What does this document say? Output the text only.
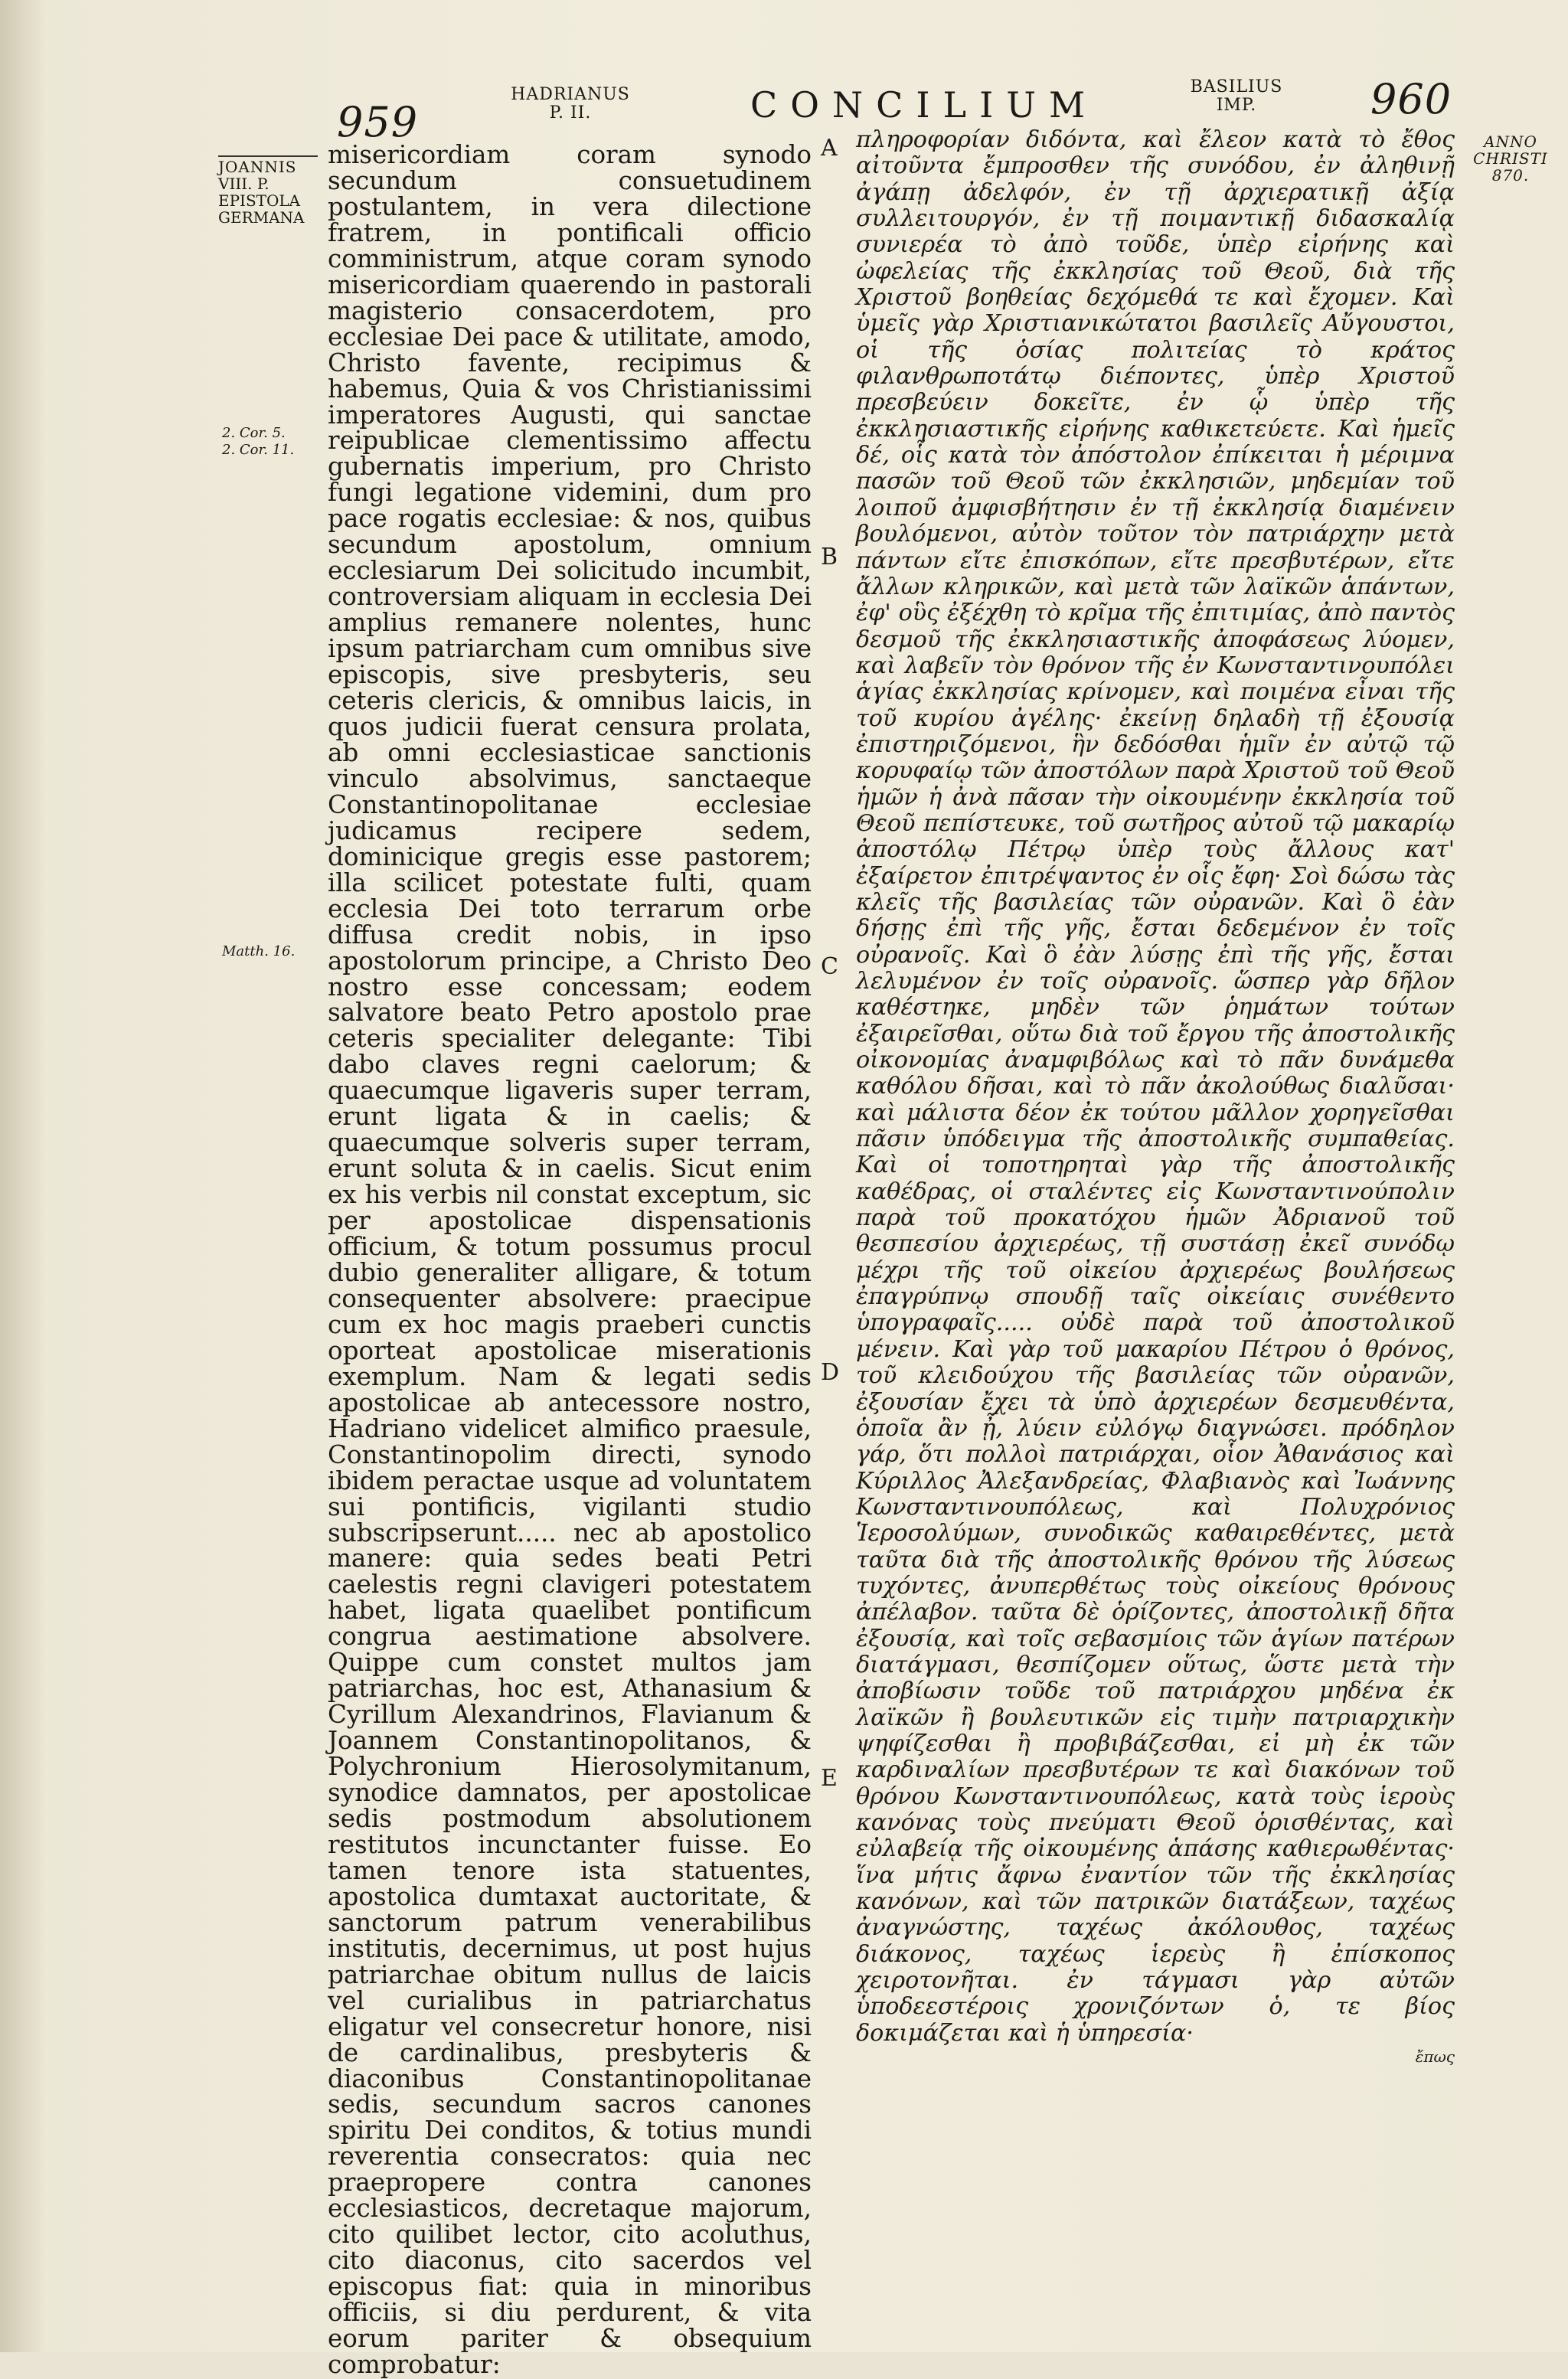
959
HADRIANUS
P. II.	CONCILIUM	BASILIUS
IMP.	960
JOANNIS
VIII. P.
EPISTOLA
GERMANA
ANNO
CHRISTI
870.
2. Cor. 5.
2. Cor. 11.
Matth. 16.
A
B
C
D
E

misericordiam coram synodo secundum consuetudinem postulantem, in vera dilectione fratrem, in pontificali officio comministrum, atque coram synodo misericordiam quaerendo in pastorali magisterio consacerdotem, pro ecclesiae Dei pace & utilitate, amodo, Christo favente, recipimus & habemus, Quia & vos Christianissimi imperatores Augusti, qui sanctae reipublicae clementissimo affectu gubernatis imperium, pro Christo fungi legatione videmini, dum pro pace rogatis ecclesiae: & nos, quibus secundum apostolum, omnium ecclesiarum Dei solicitudo incumbit, controversiam aliquam in ecclesia Dei amplius remanere nolentes, hunc ipsum patriarcham cum omnibus sive episcopis, sive presbyteris, seu ceteris clericis, & omnibus laicis, in quos judicii fuerat censura prolata, ab omni ecclesiasticae sanctionis vinculo absolvimus, sanctaeque Constantinopolitanae ecclesiae judicamus recipere sedem, dominicique gregis esse pastorem; illa scilicet potestate fulti, quam ecclesia Dei toto terrarum orbe diffusa credit nobis, in ipso apostolorum principe, a Christo Deo nostro esse concessam; eodem salvatore beato Petro apostolo prae ceteris specialiter delegante: Tibi dabo claves regni caelorum; & quaecumque ligaveris super terram, erunt ligata & in caelis; & quaecumque solveris super terram, erunt soluta & in caelis. Sicut enim ex his verbis nil constat exceptum, sic per apostolicae dispensationis officium, & totum possumus procul dubio generaliter alligare, & totum consequenter absolvere: praecipue cum ex hoc magis praeberi cunctis oporteat apostolicae miserationis exemplum. Nam & legati sedis apostolicae ab antecessore nostro, Hadriano videlicet almifico praesule, Constantinopolim directi, synodo ibidem peractae usque ad voluntatem sui pontificis, vigilanti studio subscripserunt..... nec ab apostolico manere: quia sedes beati Petri caelestis regni clavigeri potestatem habet, ligata quaelibet pontificum congrua aestimatione absolvere. Quippe cum constet multos jam patriarchas, hoc est, Athanasium & Cyrillum Alexandrinos, Flavianum & Joannem Constantinopolitanos, & Polychronium Hierosolymitanum, synodice damnatos, per apostolicae sedis postmodum absolutionem restitutos incunctanter fuisse. Eo tamen tenore ista statuentes, apostolica dumtaxat auctoritate, & sanctorum patrum venerabilibus institutis, decernimus, ut post hujus patriarchae obitum nullus de laicis vel curialibus in patriarchatus eligatur vel consecretur honore, nisi de cardinalibus, presbyteris & diaconibus Constantinopolitanae sedis, secundum sacros canones spiritu Dei conditos, & totius mundi reverentia consecratos: quia nec praepropere contra canones ecclesiasticos, decretaque majorum, cito quilibet lector, cito acoluthus, cito diaconus, cito sacerdos vel episcopus fiat: quia in minoribus officiis, si diu perdurent, & vita eorum pariter & obsequium comprobatur:

πληροφορίαν διδόντα, καὶ ἔλεον κατὰ τὸ ἔθος αἰτοῦντα ἔμπροσθεν τῆς συνόδου, ἐν ἀληθινῇ ἀγάπῃ ἀδελφόν, ἐν τῇ ἀρχιερατικῇ ἀξίᾳ συλλειτουργόν, ἐν τῇ ποιμαντικῇ διδασκαλίᾳ συνιερέα τὸ ἀπὸ τοῦδε, ὑπὲρ εἰρήνης καὶ ὠφελείας τῆς ἐκκλησίας τοῦ Θεοῦ, διὰ τῆς Χριστοῦ βοηθείας δεχόμεθά τε καὶ ἔχομεν. Καὶ ὑμεῖς γὰρ Χριστιανικώτατοι βασιλεῖς Αὔγουστοι, οἱ τῆς ὁσίας πολιτείας τὸ κράτος φιλανθρωποτάτῳ διέποντες, ὑπὲρ Χριστοῦ πρεσβεύειν δοκεῖτε, ἐν ᾧ ὑπὲρ τῆς ἐκκλησιαστικῆς εἰρήνης καθικετεύετε. Καὶ ἡμεῖς δέ, οἷς κατὰ τὸν ἀπόστολον ἐπίκειται ἡ μέριμνα πασῶν τοῦ Θεοῦ τῶν ἐκκλησιῶν, μηδεμίαν τοῦ λοιποῦ ἀμφισβήτησιν ἐν τῇ ἐκκλησίᾳ διαμένειν βουλόμενοι, αὐτὸν τοῦτον τὸν πατριάρχην μετὰ πάντων εἴτε ἐπισκόπων, εἴτε πρεσβυτέρων, εἴτε ἄλλων κληρικῶν, καὶ μετὰ τῶν λαϊκῶν ἁπάντων, ἐφ' οὓς ἐξέχθη τὸ κρῖμα τῆς ἐπιτιμίας, ἀπὸ παντὸς δεσμοῦ τῆς ἐκκλησιαστικῆς ἀποφάσεως λύομεν, καὶ λαβεῖν τὸν θρόνον τῆς ἐν Κωνσταντινουπόλει ἁγίας ἐκκλησίας κρίνομεν, καὶ ποιμένα εἶναι τῆς τοῦ κυρίου ἀγέλης· ἐκείνῃ δηλαδὴ τῇ ἐξουσίᾳ ἐπιστηριζόμενοι, ἣν δεδόσθαι ἡμῖν ἐν αὐτῷ τῷ κορυφαίῳ τῶν ἀποστόλων παρὰ Χριστοῦ τοῦ Θεοῦ ἡμῶν ἡ ἀνὰ πᾶσαν τὴν οἰκουμένην ἐκκλησία τοῦ Θεοῦ πεπίστευκε, τοῦ σωτῆρος αὐτοῦ τῷ μακαρίῳ ἀποστόλῳ Πέτρῳ ὑπὲρ τοὺς ἄλλους κατ' ἐξαίρετον ἐπιτρέψαντος ἐν οἷς ἔφη· Σοὶ δώσω τὰς κλεῖς τῆς βασιλείας τῶν οὐρανῶν. Καὶ ὃ ἐὰν δήσῃς ἐπὶ τῆς γῆς, ἔσται δεδεμένον ἐν τοῖς οὐρανοῖς. Καὶ ὃ ἐὰν λύσῃς ἐπὶ τῆς γῆς, ἔσται λελυμένον ἐν τοῖς οὐρανοῖς. ὥσπερ γὰρ δῆλον καθέστηκε, μηδὲν τῶν ῥημάτων τούτων ἐξαιρεῖσθαι, οὕτω διὰ τοῦ ἔργου τῆς ἀποστολικῆς οἰκονομίας ἀναμφιβόλως καὶ τὸ πᾶν δυνάμεθα καθόλου δῆσαι, καὶ τὸ πᾶν ἀκολούθως διαλῦσαι· καὶ μάλιστα δέον ἐκ τούτου μᾶλλον χορηγεῖσθαι πᾶσιν ὑπόδειγμα τῆς ἀποστολικῆς συμπαθείας. Καὶ οἱ τοποτηρηταὶ γὰρ τῆς ἀποστολικῆς καθέδρας, οἱ σταλέντες εἰς Κωνσταντινούπολιν παρὰ τοῦ προκατόχου ἡμῶν Ἀδριανοῦ τοῦ θεσπεσίου ἀρχιερέως, τῇ συστάσῃ ἐκεῖ συνόδῳ μέχρι τῆς τοῦ οἰκείου ἀρχιερέως βουλήσεως ἐπαγρύπνῳ σπουδῇ ταῖς οἰκείαις συνέθεντο ὑπογραφαῖς..... οὐδὲ παρὰ τοῦ ἀποστολικοῦ μένειν. Καὶ γὰρ τοῦ μακαρίου Πέτρου ὁ θρόνος, τοῦ κλειδούχου τῆς βασιλείας τῶν οὐρανῶν, ἐξουσίαν ἔχει τὰ ὑπὸ ἀρχιερέων δεσμευθέντα, ὁποῖα ἂν ᾖ, λύειν εὐλόγῳ διαγνώσει. πρόδηλον γάρ, ὅτι πολλοὶ πατριάρχαι, οἷον Ἀθανάσιος καὶ Κύριλλος Ἀλεξανδρείας, Φλαβιανὸς καὶ Ἰωάννης Κωνσταντινουπόλεως, καὶ Πολυχρόνιος Ἱεροσολύμων, συνοδικῶς καθαιρεθέντες, μετὰ ταῦτα διὰ τῆς ἀποστολικῆς θρόνου τῆς λύσεως τυχόντες, ἀνυπερθέτως τοὺς οἰκείους θρόνους ἀπέλαβον. ταῦτα δὲ ὁρίζοντες, ἀποστολικῇ δῆτα ἐξουσίᾳ, καὶ τοῖς σεβασμίοις τῶν ἁγίων πατέρων διατάγμασι, θεσπίζομεν οὕτως, ὥστε μετὰ τὴν ἀποβίωσιν τοῦδε τοῦ πατριάρχου μηδένα ἐκ λαϊκῶν ἢ βουλευτικῶν εἰς τιμὴν πατριαρχικὴν ψηφίζεσθαι ἢ προβιβάζεσθαι, εἰ μὴ ἐκ τῶν καρδιναλίων πρεσβυτέρων τε καὶ διακόνων τοῦ θρόνου Κωνσταντινουπόλεως, κατὰ τοὺς ἱεροὺς κανόνας τοὺς πνεύματι Θεοῦ ὁρισθέντας, καὶ εὐλαβείᾳ τῆς οἰκουμένης ἁπάσης καθιερωθέντας· ἵνα μήτις ἄφνω ἐναντίον τῶν τῆς ἐκκλησίας κανόνων, καὶ τῶν πατρικῶν διατάξεων, ταχέως ἀναγνώστης, ταχέως ἀκόλουθος, ταχέως διάκονος, ταχέως ἱερεὺς ἢ ἐπίσκοπος χειροτονῆται. ἐν τάγμασι γὰρ αὐτῶν ὑποδεεστέροις χρονιζόντων ὁ, τε βίος δοκιμάζεται καὶ ἡ ὑπηρεσία·

ἔπως
